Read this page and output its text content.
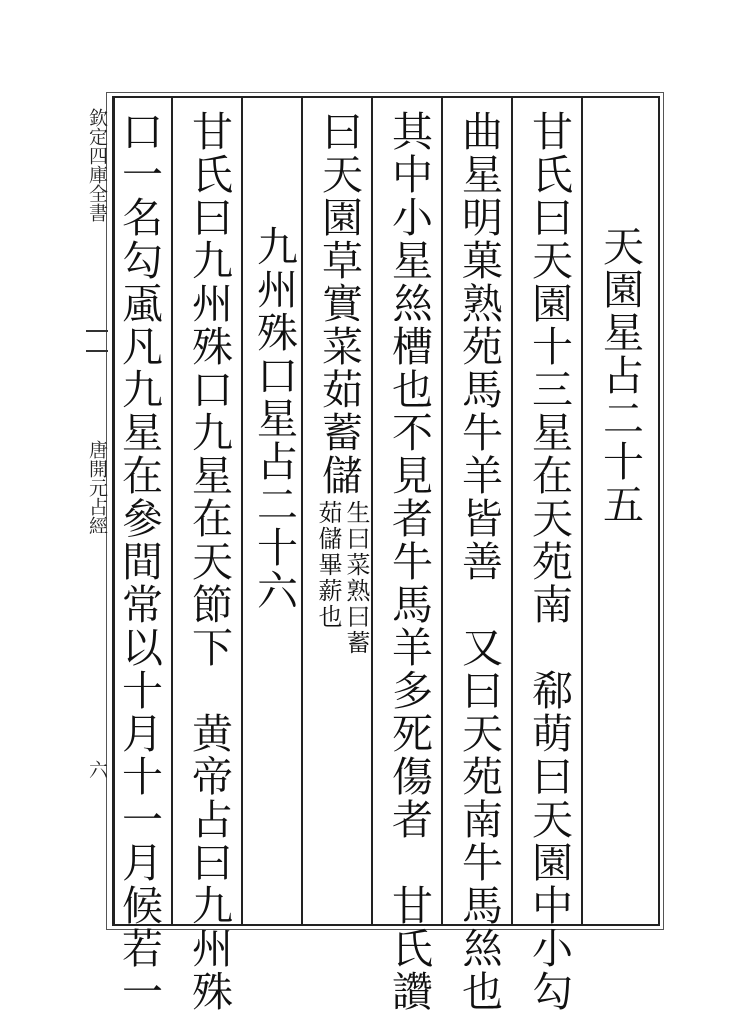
欽定四庫全書
唐開元占經
六
天園星占二十五
甘氏曰天園十三星在天苑南　郗萌曰天園中小勾
曲星明菓熟苑馬牛羊皆善　又曰天苑南牛馬𢇁也
其中小星𢇁槽也不見者牛馬羊多死傷者　甘氏讚
曰天園草實菜茹蓄儲
生曰菜熟曰蓄
茹儲畢薪也
九州殊口星占二十六
甘氏曰九州殊口九星在天節下　黄帝占曰九州殊
口一名勾颪凡九星在參間常以十月十一月候若一
